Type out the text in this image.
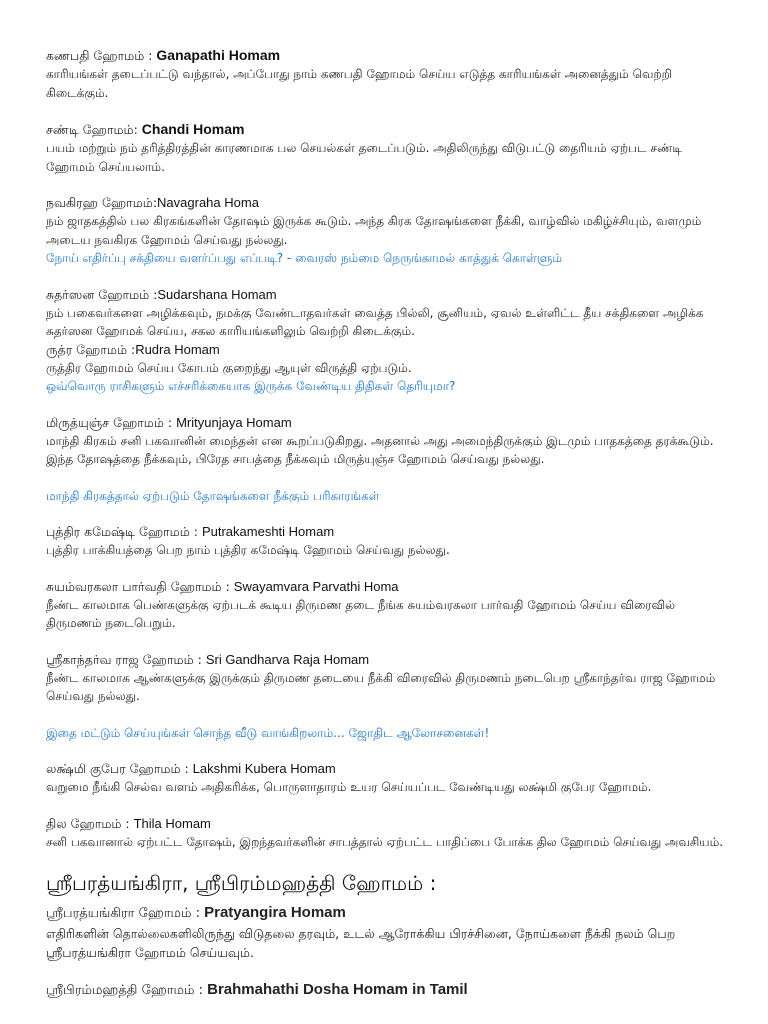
கணபதி ஹோமம் : Ganapathi Homam
காரியங்கள் தடைப்பட்டு வந்தால், அப்போது நாம் கணபதி ஹோமம் செய்ய எடுத்த காரியங்கள் அனைத்தும் வெற்றி கிடைக்கும்.
சண்டி ஹோமம்: Chandi Homam
பயம் மற்றும் நம் தரித்திரத்தின் காரணமாக பல செயல்கள் தடைப்படும். அதிலிருந்து விடுபட்டு தைரியம் ஏற்பட சண்டி ஹோமம் செய்யலாம்.
நவகிரஹ ஹோமம்:Navagraha Homa
நம் ஜாதகத்தில் பல கிரகங்களின் தோஷம் இருக்க கூடும். அந்த கிரக தோஷங்களை நீக்கி, வாழ்வில் மகிழ்ச்சியும், வளமும் அடைய நவகிரக ஹோமம் செய்வது நல்லது.
நோய் எதிர்ப்பு சக்தியை வளர்ப்பது எப்படி? - வைரஸ் நம்மை நெருங்காமல் காத்துக் கொள்ளும்
சுதர்ஸன ஹோமம் :Sudarshana Homam
நம் பகைவர்களை அழிக்கவும், நமக்கு வேண்டாதவர்கள் வைத்த பில்லி, சூனியம், ஏவல் உள்ளிட்ட தீய சக்திகளை அழிக்க சுதர்ஸன ஹோமக் செய்ய, சகல காரியங்களிலும் வெற்றி கிடைக்கும்.
ருத்ர ஹோமம் :Rudra Homam
ருத்திர ஹோமம் செய்ய கோபம் குறைந்து ஆயுள் விருத்தி ஏற்படும்.
ஒவ்வொரு ராசிகளும் எச்சரிக்கையாக இருக்க வேண்டிய திதிகள் தெரியுமா?
மிருத்யுஞ்ச ஹோமம் : Mrityunjaya Homam
மாந்தி கிரகம் சனி பகவானின் மைந்தன் என கூறப்படுகிறது. அதனால் அது அமைந்திருக்கும் இடமும் பாதகத்தை தரக்கூடும். இந்த தோஷத்தை நீக்கவும், பிரேத சாபத்தை நீக்கவும் மிருத்யுஞ்ச ஹோமம் செய்வது நல்லது.
மாந்தி கிரகத்தால் ஏற்படும் தோஷங்களை நீக்கும் பரிகாரங்கள்
புத்திர கமேஷ்டி ஹோமம் : Putrakameshti Homam
புத்திர பாக்கியத்தை பெற நாம் புத்திர கமேஷ்டி ஹோமம் செய்வது நல்லது.
சுயம்வரகலா பார்வதி ஹோமம் : Swayamvara Parvathi Homa
நீண்ட காலமாக பெண்களுக்கு ஏற்படக் கூடிய திருமண தடை நீங்க சுயம்வரகலா பார்வதி ஹோமம் செய்ய விரைவில் திருமணம் நடைபெறும்.
ஸ்ரீகாந்தர்வ ராஜ ஹோமம் : Sri Gandharva Raja Homam
நீண்ட காலமாக ஆண்களுக்கு இருக்கும் திருமண தடையை நீக்கி விரைவில் திருமணம் நடைபெற ஸ்ரீகாந்தர்வ ராஜ ஹோமம் செய்வது நல்லது.
இதை மட்டும் செய்யுங்கள் சொந்த வீடு வாங்கிறலாம்... ஜோதிட ஆலோசனைகள்!
லக்ஷ்மி குபேர ஹோமம் : Lakshmi Kubera Homam
வறுமை நீங்கி செல்வ வளம் அதிகரிக்க, பொருளாதாரம் உயர செய்யப்பட வேண்டியது லக்ஷ்மி குபேர ஹோமம்.
தில ஹோமம் : Thila Homam
சனி பகவானால் ஏற்பட்ட தோஷம், இறந்தவர்களின் சாபத்தால் ஏற்பட்ட பாதிப்பை போக்க தில ஹோமம் செய்வது அவசியம்.
ஸ்ரீபரத்யங்கிரா, ஸ்ரீபிரம்மஹத்தி ஹோமம் :
ஸ்ரீபரத்யங்கிரா ஹோமம் : Pratyangira Homam
எதிரிகளின் தொல்லைகளிலிருந்து விடுதலை தரவும், உடல் ஆரோக்கிய பிரச்சினை, நோய்களை நீக்கி நலம் பெற ஸ்ரீபரத்யங்கிரா ஹோமம் செய்யவும்.
ஸ்ரீபிரம்மஹத்தி ஹோமம் : Brahmahathi Dosha Homam in Tamil
